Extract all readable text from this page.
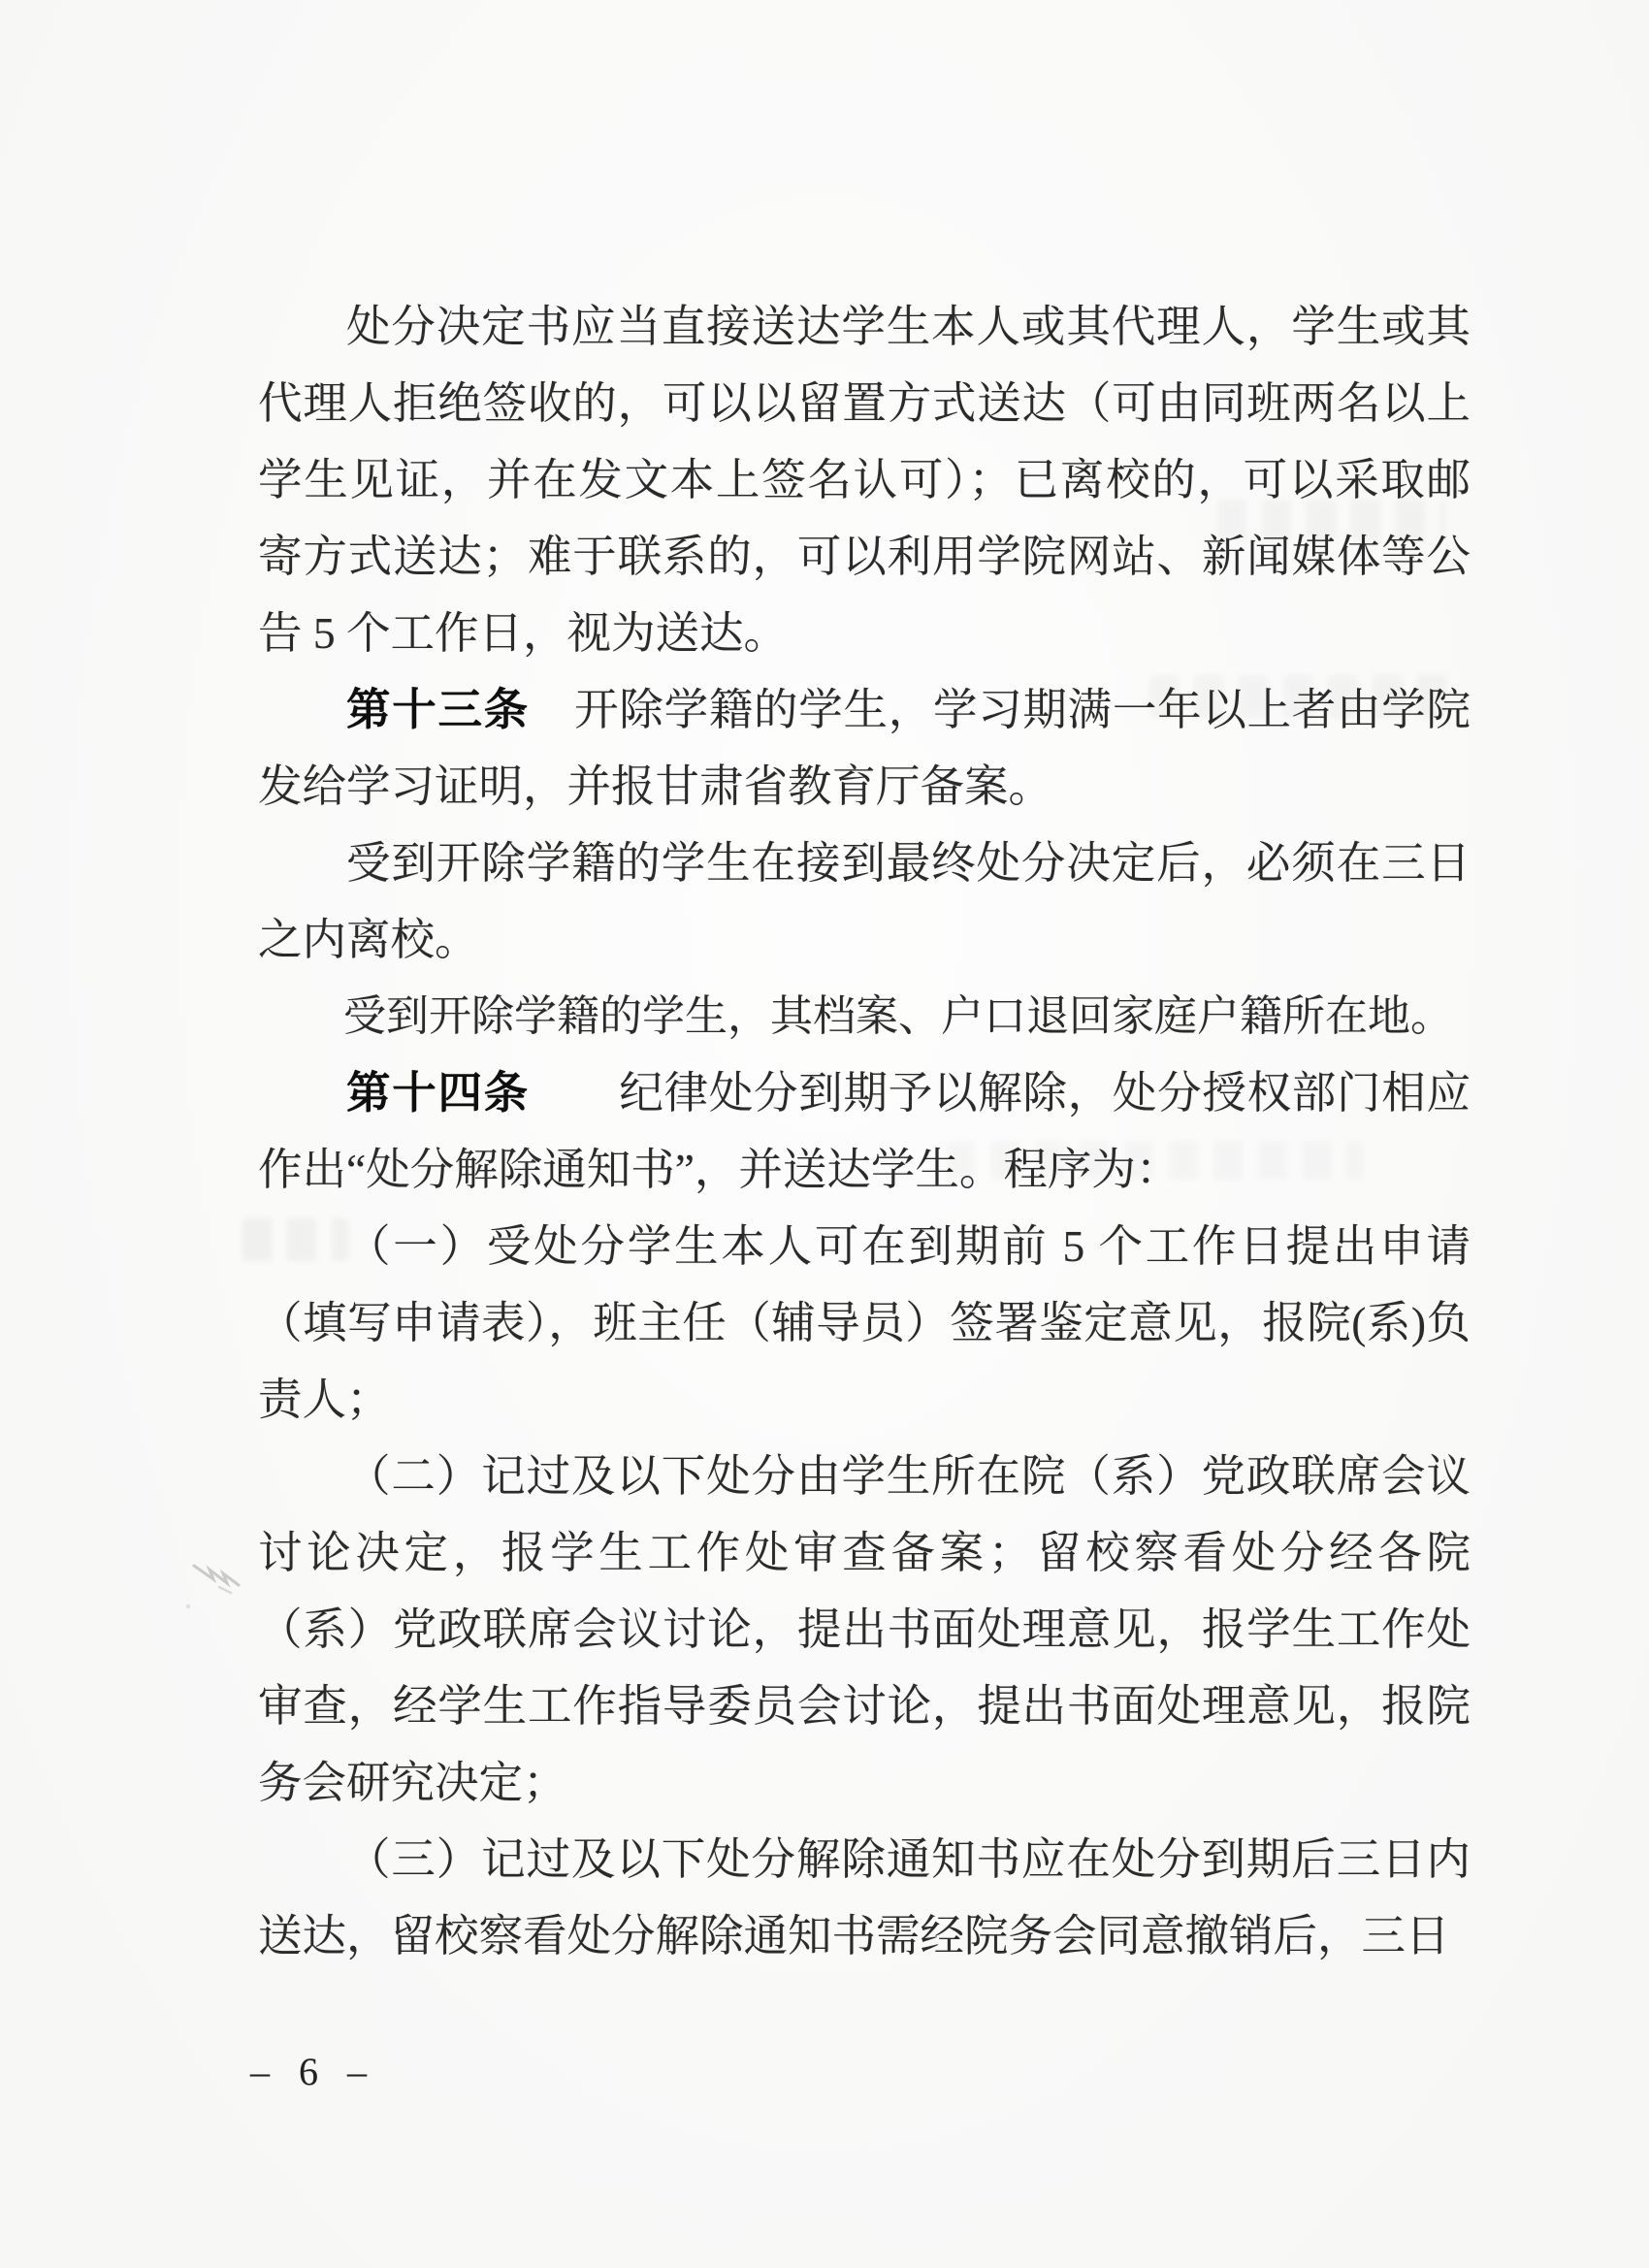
处分决定书应当直接送达学生本人或其代理人，学生或其代理人拒绝签收的，可以以留置方式送达（可由同班两名以上学生见证，并在发文本上签名认可）；已离校的，可以采取邮寄方式送达；难于联系的，可以利用学院网站、新闻媒体等公告 5 个工作日，视为送达。

第十三条　开除学籍的学生，学习期满一年以上者由学院发给学习证明，并报甘肃省教育厅备案。

受到开除学籍的学生在接到最终处分决定后，必须在三日之内离校。

受到开除学籍的学生，其档案、户口退回家庭户籍所在地。

第十四条　　纪律处分到期予以解除，处分授权部门相应作出“处分解除通知书”，并送达学生。程序为：

（一）受处分学生本人可在到期前 5 个工作日提出申请（填写申请表），班主任（辅导员）签署鉴定意见，报院(系)负责人；

（二）记过及以下处分由学生所在院（系）党政联席会议讨论决定，报学生工作处审查备案；留校察看处分经各院（系）党政联席会议讨论，提出书面处理意见，报学生工作处审查，经学生工作指导委员会讨论，提出书面处理意见，报院务会研究决定；

（三）记过及以下处分解除通知书应在处分到期后三日内送达，留校察看处分解除通知书需经院务会同意撤销后，三日

– 6 –
